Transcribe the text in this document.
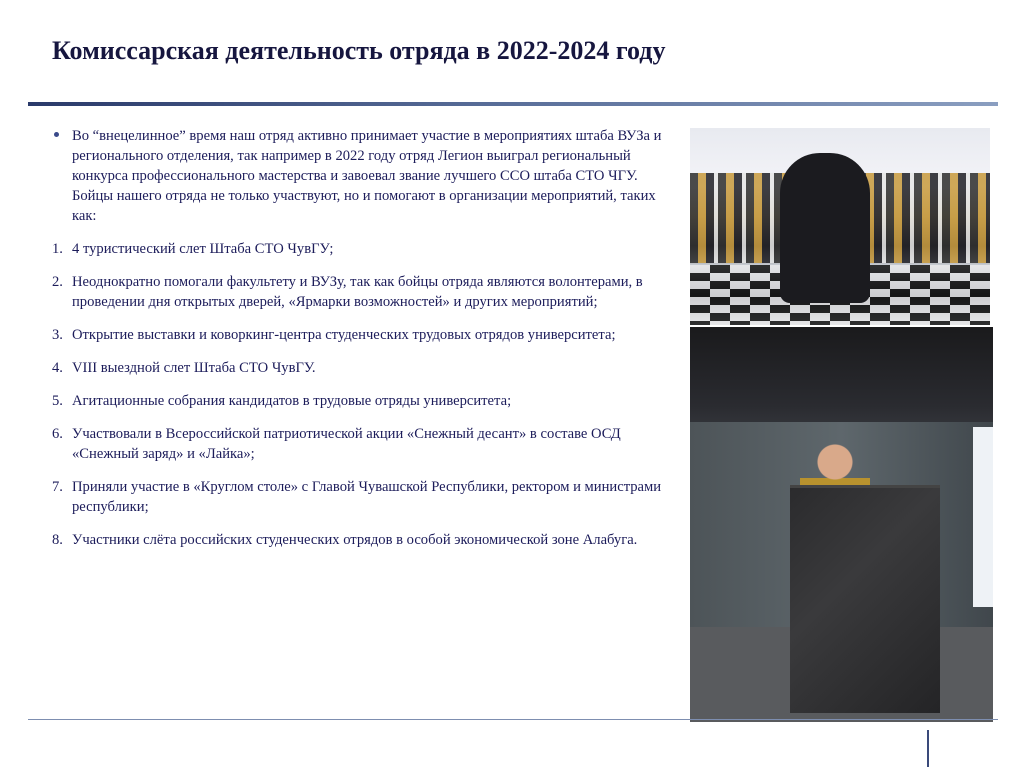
Комиссарская деятельность отряда в 2022-2024 году
Во “внецелинное” время наш отряд активно принимает участие в мероприятиях штаба ВУЗа и регионального отделения, так например в 2022 году отряд Легион выиграл региональный конкурса профессионального мастерства и завоевал звание лучшего ССО штаба СТО ЧГУ. Бойцы нашего отряда не только участвуют, но и помогают в организации мероприятий, таких как:
1. 4 туристический слет Штаба СТО ЧувГУ;
2. Неоднократно помогали факультету и ВУЗу, так как бойцы отряда являются волонтерами, в проведении дня открытых дверей, «Ярмарки возможностей» и других мероприятий;
3. Открытие выставки и коворкинг-центра студенческих трудовых отрядов университета;
4. VIII выездной слет Штаба СТО ЧувГУ.
5. Агитационные собрания кандидатов в трудовые отряды университета;
6. Участвовали в Всероссийской патриотической акции «Снежный десант» в составе ОСД «Снежный заряд» и «Лайка»;
7. Приняли участие в «Круглом столе» с Главой Чувашской Республики, ректором и министрами республики;
8. Участники слёта российских студенческих отрядов в особой экономической зоне Алабуга.
